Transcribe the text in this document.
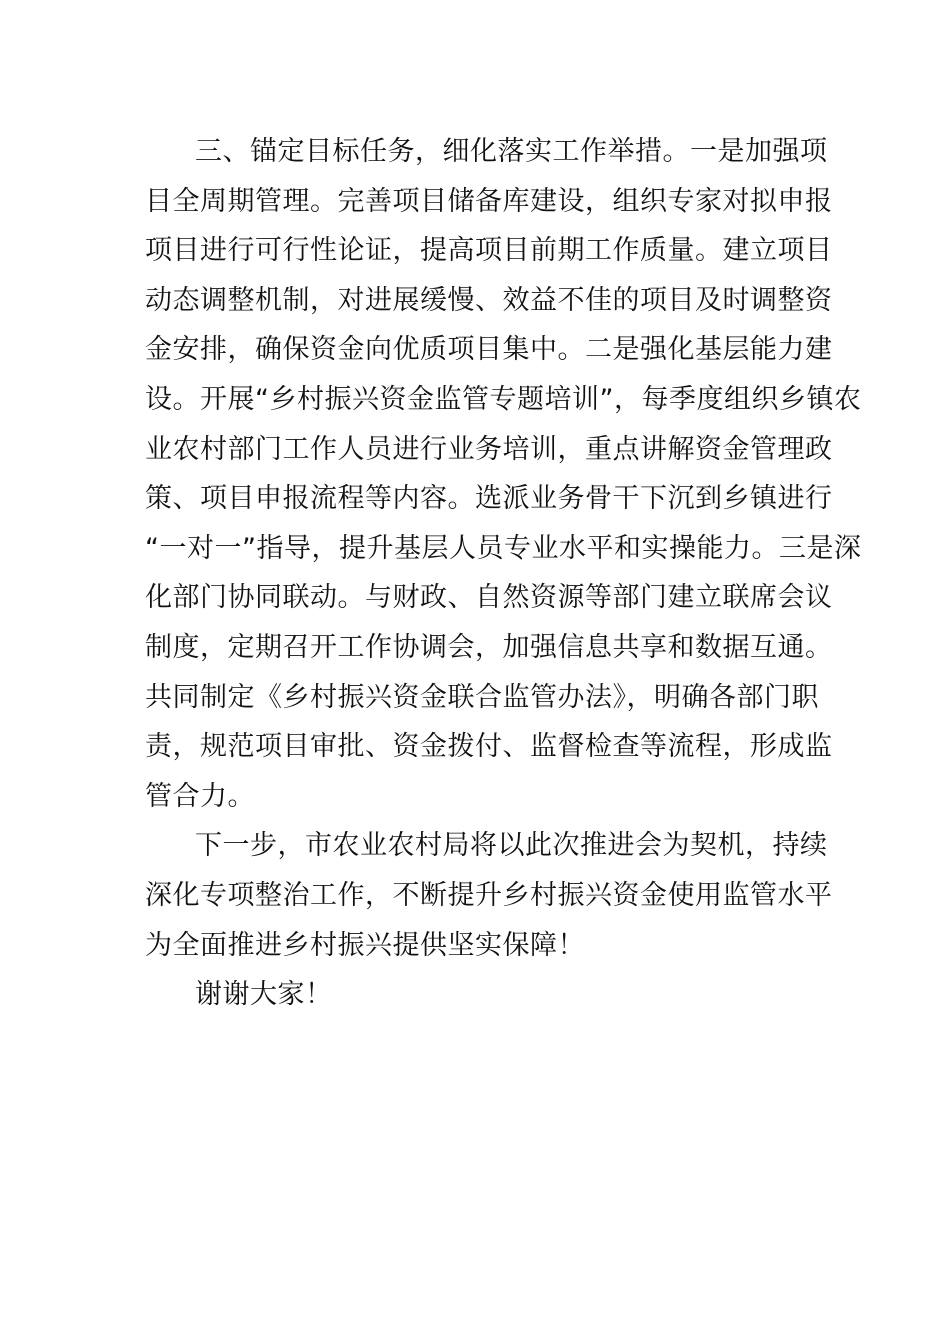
三、锚定目标任务，细化落实工作举措。一是加强项
目全周期管理。完善项目储备库建设，组织专家对拟申报
项目进行可行性论证，提高项目前期工作质量。建立项目
动态调整机制，对进展缓慢、效益不佳的项目及时调整资
金安排，确保资金向优质项目集中。二是强化基层能力建
设。开展“乡村振兴资金监管专题培训”，每季度组织乡镇农
业农村部门工作人员进行业务培训，重点讲解资金管理政
策、项目申报流程等内容。选派业务骨干下沉到乡镇进行
“一对一”指导，提升基层人员专业水平和实操能力。三是深
化部门协同联动。与财政、自然资源等部门建立联席会议
制度，定期召开工作协调会，加强信息共享和数据互通。
共同制定《乡村振兴资金联合监管办法》，明确各部门职
责，规范项目审批、资金拨付、监督检查等流程，形成监
管合力。
下一步，市农业农村局将以此次推进会为契机，持续
深化专项整治工作，不断提升乡村振兴资金使用监管水平
为全面推进乡村振兴提供坚实保障！
谢谢大家！
